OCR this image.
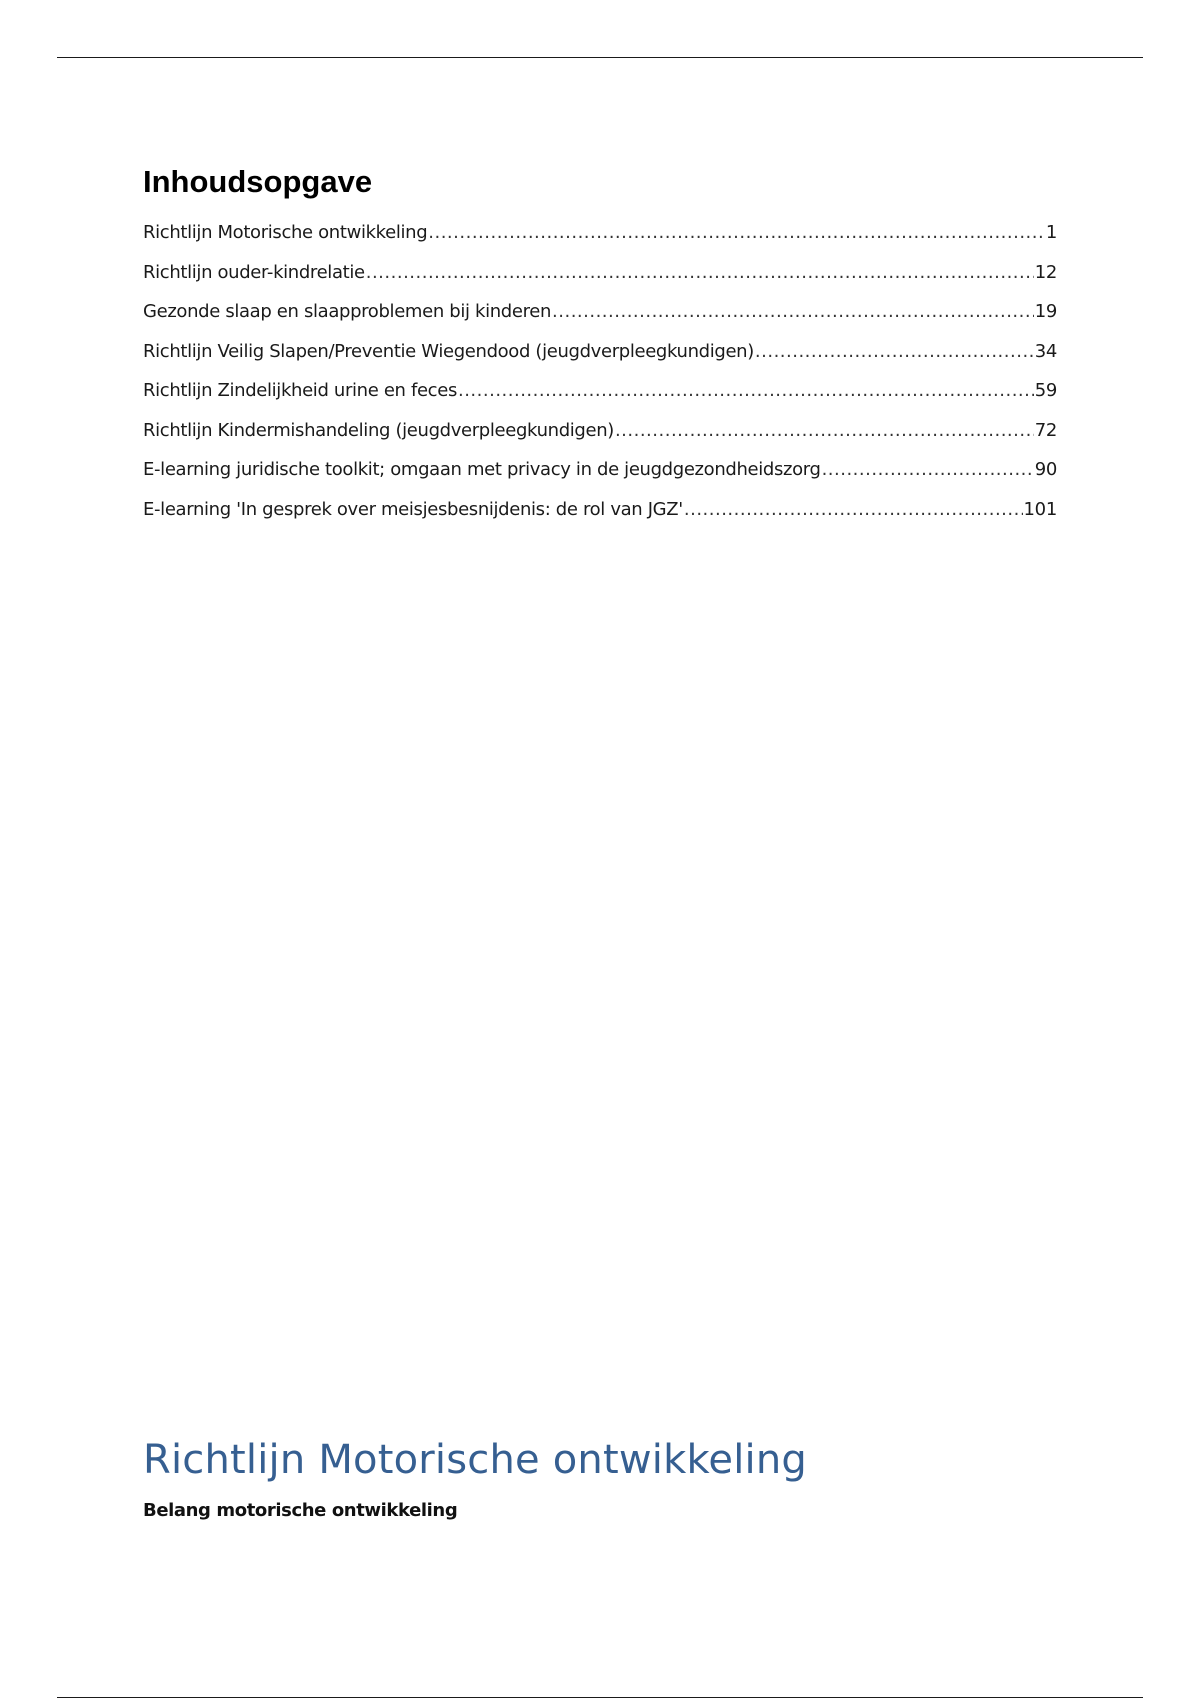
Inhoudsopgave
Richtlijn Motorische ontwikkeling .....	1
Richtlijn ouder-kindrelatie .....	12
Gezonde slaap en slaapproblemen bij kinderen .....	19
Richtlijn Veilig Slapen/Preventie Wiegendood (jeugdverpleegkundigen) .....	34
Richtlijn Zindelijkheid urine en feces .....	59
Richtlijn Kindermishandeling (jeugdverpleegkundigen) .....	72
E-learning juridische toolkit; omgaan met privacy in de jeugdgezondheidszorg .....	90
E-learning 'In gesprek over meisjesbesnijdenis: de rol van JGZ' .....	101
Richtlijn Motorische ontwikkeling
Belang motorische ontwikkeling
